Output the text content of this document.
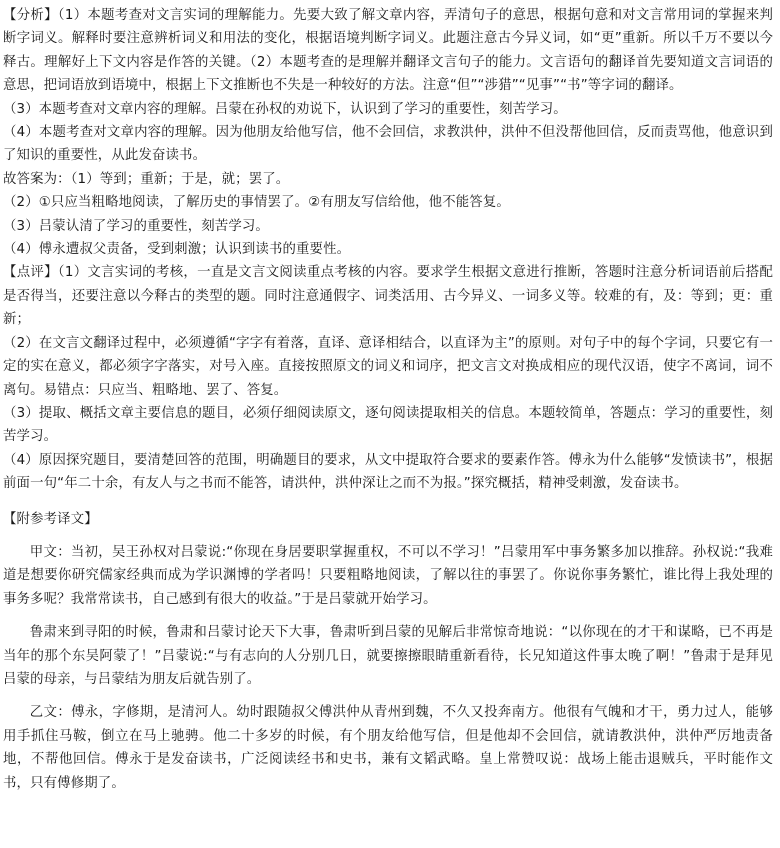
【分析】（1）本题考查对文言实词的理解能力。先要大致了解文章内容，弄清句子的意思，根据句意和对文言常用词的掌握来判断字词义。解释时要注意辨析词义和用法的变化，根据语境判断字词义。此题注意古今异义词，如“更”重新。所以千万不要以今释古。理解好上下文内容是作答的关键。（2）本题考查的是理解并翻译文言句子的能力。文言语句的翻译首先要知道文言词语的意思，把词语放到语境中，根据上下文推断也不失是一种较好的方法。注意“但”“涉猎”“见事”“书”等字词的翻译。

（3）本题考查对文章内容的理解。吕蒙在孙权的劝说下，认识到了学习的重要性，刻苦学习。

（4）本题考查对文章内容的理解。因为他朋友给他写信，他不会回信，求教洪仲，洪仲不但没帮他回信，反而责骂他，他意识到了知识的重要性，从此发奋读书。

故答案为：（1）等到；重新；于是，就；罢了。

（2）①只应当粗略地阅读，了解历史的事情罢了。②有朋友写信给他，他不能答复。

（3）吕蒙认清了学习的重要性，刻苦学习。

（4）傅永遭叔父责备，受到刺激；认识到读书的重要性。

【点评】（1）文言实词的考核，一直是文言文阅读重点考核的内容。要求学生根据文意进行推断，答题时注意分析词语前后搭配是否得当，还要注意以今释古的类型的题。同时注意通假字、词类活用、古今异义、一词多义等。较难的有，及：等到；更：重新；

（2）在文言文翻译过程中，必须遵循“字字有着落，直译、意译相结合，以直译为主”的原则。对句子中的每个字词，只要它有一定的实在意义，都必须字字落实，对号入座。直接按照原文的词义和词序，把文言文对换成相应的现代汉语，使字不离词，词不离句。易错点：只应当、粗略地、罢了、答复。

（3）提取、概括文章主要信息的题目，必须仔细阅读原文，逐句阅读提取相关的信息。本题较简单，答题点：学习的重要性，刻苦学习。

（4）原因探究题目，要清楚回答的范围，明确题目的要求，从文中提取符合要求的要素作答。傅永为什么能够“发愤读书”，根据前面一句“年二十余，有友人与之书而不能答，请洪仲，洪仲深让之而不为报。”探究概括，精神受刺激，发奋读书。

【附参考译文】

甲文：当初，吴王孙权对吕蒙说:“你现在身居要职掌握重权，不可以不学习！”吕蒙用军中事务繁多加以推辞。孙权说:“我难道是想要你研究儒家经典而成为学识渊博的学者吗！只要粗略地阅读，了解以往的事罢了。你说你事务繁忙，谁比得上我处理的事务多呢？我常常读书，自己感到有很大的收益。”于是吕蒙就开始学习。

鲁肃来到寻阳的时候，鲁肃和吕蒙讨论天下大事，鲁肃听到吕蒙的见解后非常惊奇地说：“以你现在的才干和谋略，已不再是当年的那个东吴阿蒙了！”吕蒙说:“与有志向的人分别几日，就要擦擦眼睛重新看待，长兄知道这件事太晚了啊！”鲁肃于是拜见吕蒙的母亲，与吕蒙结为朋友后就告别了。

乙文：傅永，字修期，是清河人。幼时跟随叔父傅洪仲从青州到魏，不久又投奔南方。他很有气魄和才干，勇力过人，能够用手抓住马鞍，倒立在马上驰骋。他二十多岁的时候，有个朋友给他写信，但是他却不会回信，就请教洪仲，洪仲严厉地责备地，不帮他回信。傅永于是发奋读书，广泛阅读经书和史书，兼有文韬武略。皇上常赞叹说：战场上能击退贼兵，平时能作文书，只有傅修期了。
